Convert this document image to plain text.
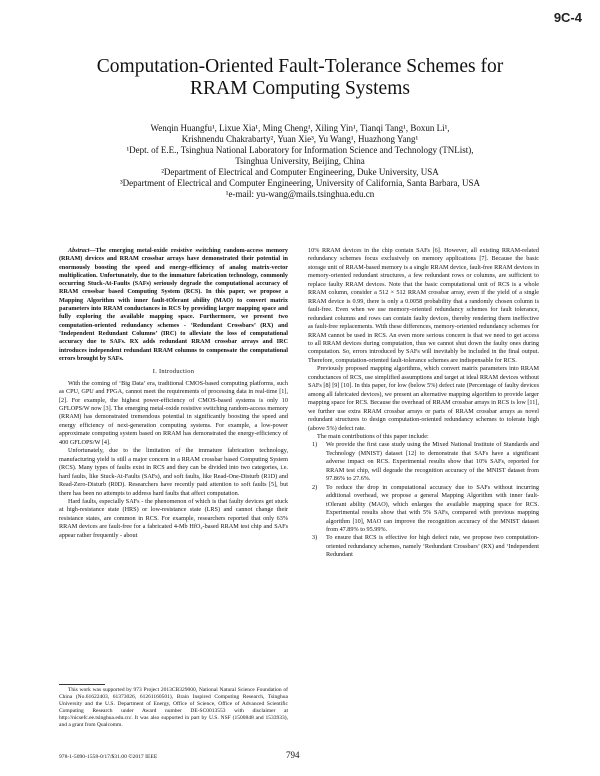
9C-4
Computation-Oriented Fault-Tolerance Schemes for
RRAM Computing Systems
Wenqin Huangfu¹, Lixue Xia¹, Ming Cheng¹, Xiling Yin¹, Tianqi Tang¹, Boxun Li¹,
Krishnendu Chakrabarty², Yuan Xie³, Yu Wang¹, Huazhong Yang¹
¹Dept. of E.E., Tsinghua National Laboratory for Information Science and Technology (TNList),
Tsinghua University, Beijing, China
²Department of Electrical and Computer Engineering, Duke University, USA
³Department of Electrical and Computer Engineering, University of California, Santa Barbara, USA
¹e-mail: yu-wang@mails.tsinghua.edu.cn

Abstract—The emerging metal-oxide resistive switching random-access memory (RRAM) devices and RRAM crossbar arrays have demonstrated their potential in enormously boosting the speed and energy-efficiency of analog matrix-vector multiplication. Unfortunately, due to the immature fabrication technology, commonly occurring Stuck-At-Faults (SAFs) seriously degrade the computational accuracy of RRAM crossbar based Computing System (RCS). In this paper, we propose a Mapping Algorithm with inner fault-tOlerant ability (MAO) to convert matrix parameters into RRAM conductances in RCS by providing larger mapping space and fully exploring the available mapping space. Furthermore, we present two computation-oriented redundancy schemes - ‘Redundant Crossbars’ (RX) and ‘Independent Redundant Columns’ (IRC) to alleviate the loss of computational accuracy due to SAFs. RX adds redundant RRAM crossbar arrays and IRC introduces independent redundant RRAM columns to compensate the computational errors brought by SAFs.

I. Introduction

With the coming of ‘Big Data’ era, traditional CMOS-based computing platforms, such as CPU, GPU and FPGA, cannot meet the requirements of processing data in real-time [1], [2]. For example, the highest power-efficiency of CMOS-based systems is only 10 GFLOPS/W now [3]. The emerging metal-oxide resistive switching random-access memory (RRAM) has demonstrated tremendous potential in significantly boosting the speed and energy efficiency of next-generation computing systems. For example, a low-power approximate computing system based on RRAM has demonstrated the energy-efficiency of 400 GFLOPS/W [4].

Unfortunately, due to the limitation of the immature fabrication technology, manufacturing yield is still a major concern in a RRAM crossbar based Computing System (RCS). Many types of faults exist in RCS and they can be divided into two categories, i.e. hard faults, like Stuck-At-Faults (SAFs), and soft faults, like Read-One-Disturb (R1D) and Read-Zero-Disturb (R0D). Researchers have recently paid attention to soft faults [5], but there has been no attempts to address hard faults that affect computation.

Hard faults, especially SAFs - the phenomenon of which is that faulty devices get stuck at high-resistance state (HRS) or low-resistance state (LRS) and cannot change their resistance states, are common in RCS. For example, researchers reported that only 63% RRAM devices are fault-free for a fabricated 4-Mb HfO₂-based RRAM test chip and SAFs appear rather frequently - about

This work was supported by 973 Project 2013CB329000, National Natural Science Foundation of China (No.61622403, 61373026, 61261160501), Brain Inspired Computing Research, Tsinghua University and the U.S. Department of Energy, Office of Science, Office of Advanced Scientific Computing Research under Award number DE-SC0013553 with disclaimer at http://nicsefc.ee.tsinghua.edu.cn/. It was also supported in part by U.S. NSF (1500848 and 1533933), and a grant from Qualcomm.

10% RRAM devices in the chip contain SAFs [6]. However, all existing RRAM-related redundancy schemes focus exclusively on memory applications [7]. Because the basic storage unit of RRAM-based memory is a single RRAM device, fault-free RRAM devices in memory-oriented redundant structures, a few redundant rows or columns, are sufficient to replace faulty RRAM devices. Note that the basic computational unit of RCS is a whole RRAM column, consider a 512 × 512 RRAM crossbar array, even if the yield of a single RRAM device is 0.99, there is only a 0.0058 probability that a randomly chosen column is fault-free. Even when we use memory-oriented redundancy schemes for fault tolerance, redundant columns and rows can contain faulty devices, thereby rendering them ineffective as fault-free replacements. With these differences, memory-oriented redundancy schemes for RRAM cannot be used in RCS. An even more serious concern is that we need to get access to all RRAM devices during computation, thus we cannot shut down the faulty ones during computation. So, errors introduced by SAFs will inevitably be included in the final output. Therefore, computation-oriented fault-tolerance schemes are indispensable for RCS.

Previously proposed mapping algorithms, which convert matrix parameters into RRAM conductances of RCS, use simplified assumptions and target at ideal RRAM devices without SAFs [8] [9] [10]. In this paper, for low (below 5%) defect rate (Percentage of faulty devices among all fabricated devices), we present an alternative mapping algorithm to provide larger mapping space for RCS. Because the overhead of RRAM crossbar arrays in RCS is low [11], we further use extra RRAM crossbar arrays or parts of RRAM crossbar arrays as novel redundant structures to design computation-oriented redundancy schemes to tolerate high (above 5%) defect rate.

The main contributions of this paper include:

1) We provide the first case study using the Mixed National Institute of Standards and Technology (MNIST) dataset [12] to demonstrate that SAFs have a significant adverse impact on RCS. Experimental results show that 10% SAFs, reported for RRAM test chip, will degrade the recognition accuracy of the MNIST dataset from 97.86% to 27.6%.
2) To reduce the drop in computational accuracy due to SAFs without incurring additional overhead, we propose a general Mapping Algorithm with inner fault-tOlerant ability (MAO), which enlarges the available mapping space for RCS. Experimental results show that with 5% SAFs, compared with previous mapping algorithm [10], MAO can improve the recognition accuracy of the MNIST dataset from 47.89% to 95.99%.
3) To ensure that RCS is effective for high defect rate, we propose two computation-oriented redundancy schemes, namely ‘Redundant Crossbars’ (RX) and ‘Independent Redundant
978-1-5090-1558-0/17/$31.00 ©2017 IEEE	794
